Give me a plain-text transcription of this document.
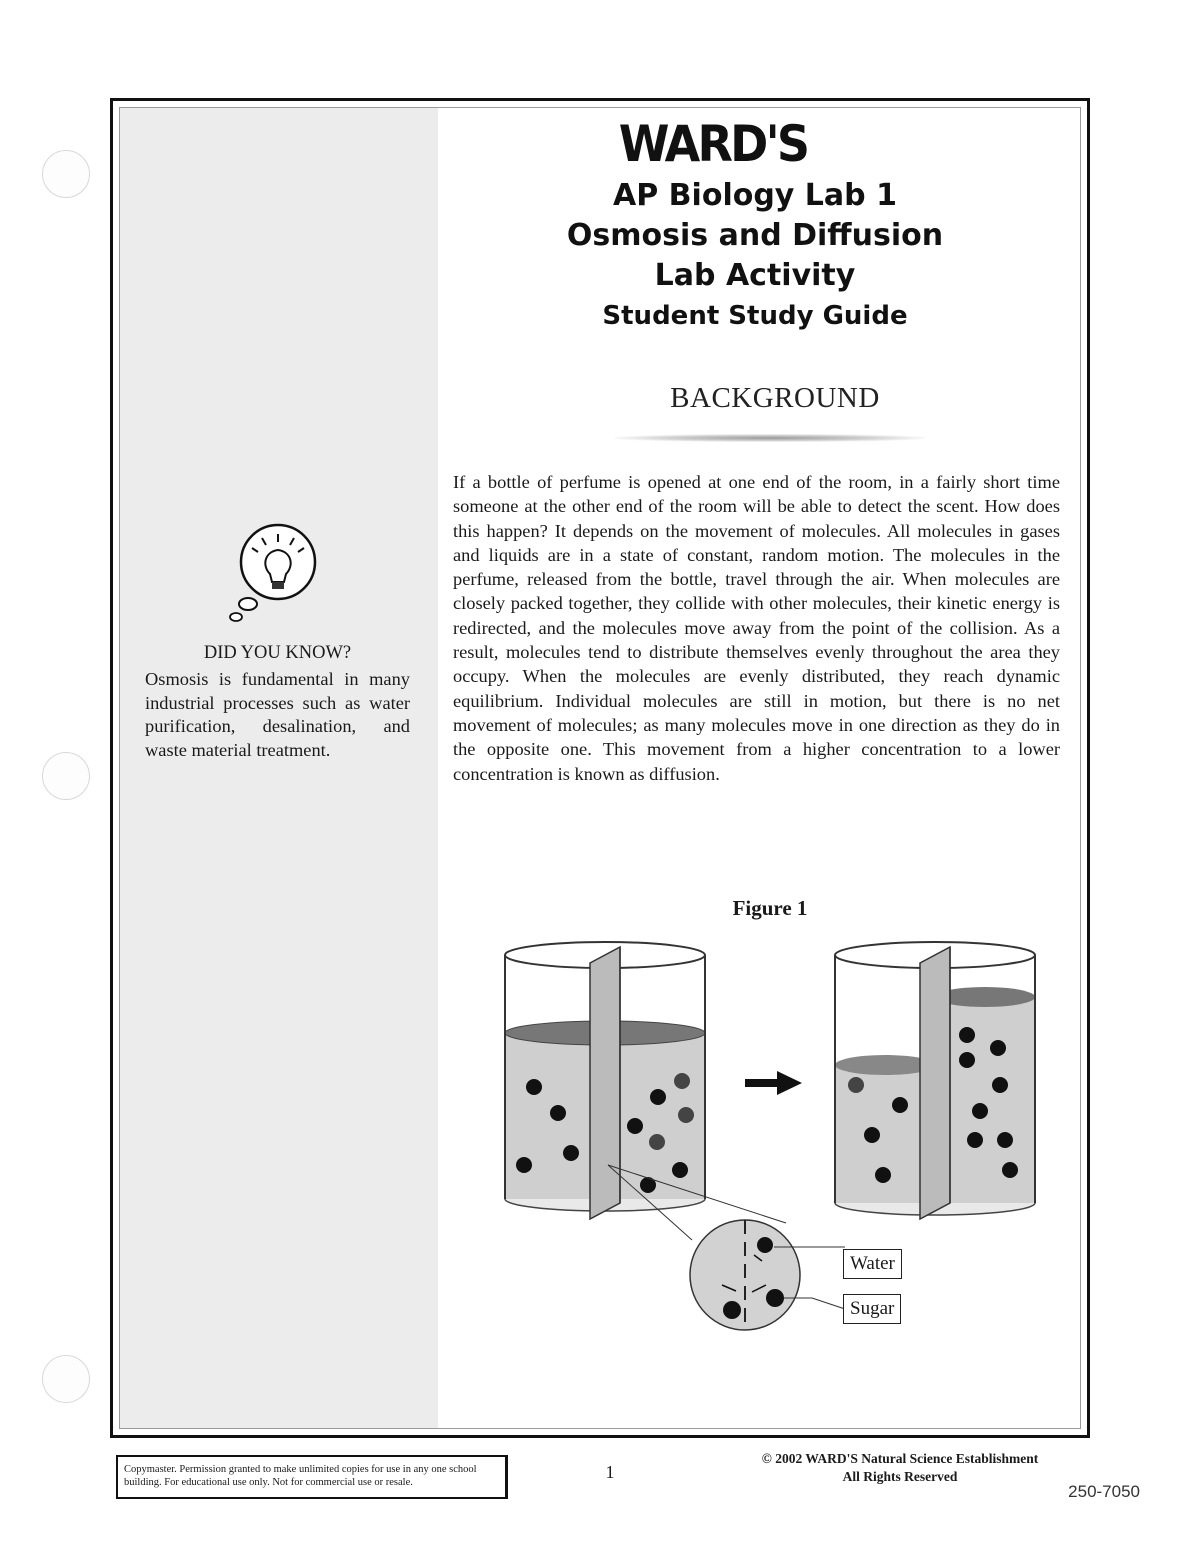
WARD'S
AP Biology Lab 1
Osmosis and Diffusion
Lab Activity
Student Study Guide
BACKGROUND
If a bottle of perfume is opened at one end of the room, in a fairly short time someone at the other end of the room will be able to detect the scent. How does this happen? It depends on the movement of molecules. All molecules in gases and liquids are in a state of constant, random motion. The molecules in the perfume, released from the bottle, travel through the air. When molecules are closely packed together, they collide with other molecules, their kinetic energy is redirected, and the molecules move away from the point of the collision. As a result, molecules tend to distribute themselves evenly throughout the area they occupy. When the molecules are evenly distributed, they reach dynamic equilibrium. Individual molecules are still in motion, but there is no net movement of molecules; as many molecules move in one direction as they do in the opposite one. This movement from a higher concentration to a lower concentration is known as diffusion.
DID YOU KNOW?
Osmosis is fundamental in many industrial processes such as water purification, desalination, and waste material treatment.
Figure 1
Water
Sugar
Copymaster. Permission granted to make unlimited copies for use in any one school building. For educational use only. Not for commercial use or resale.
1
© 2002 WARD'S Natural Science Establishment
All Rights Reserved
250-7050
